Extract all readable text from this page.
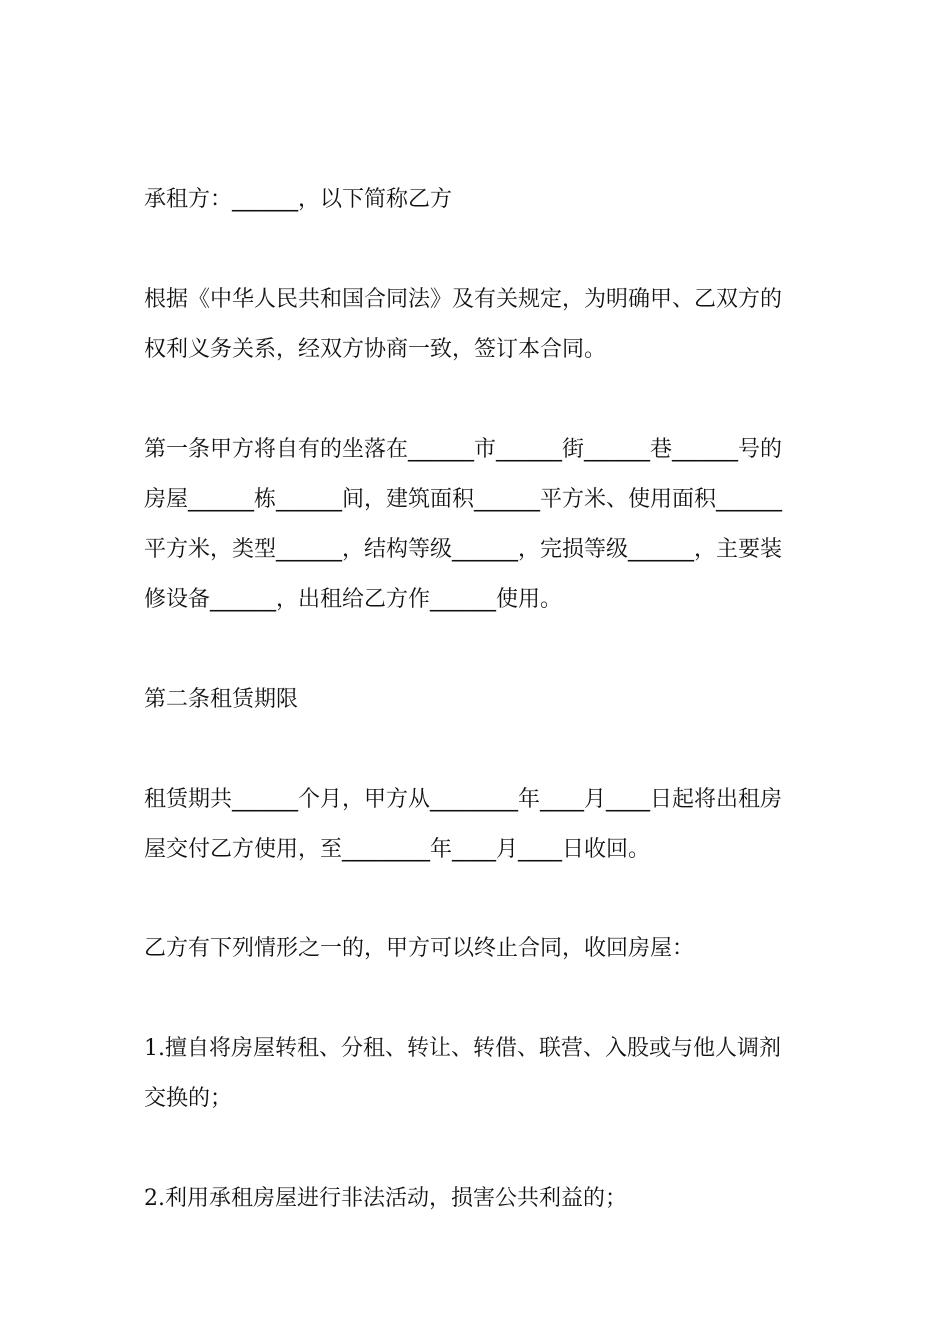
承租方：______，以下简称乙方
根据《中华人民共和国合同法》及有关规定，为明确甲、乙双方的
权利义务关系，经双方协商一致，签订本合同。
第一条甲方将自有的坐落在______市______街______巷______号的
房屋______栋______间，建筑面积______平方米、使用面积______
平方米，类型______，结构等级______，完损等级______，主要装
修设备______，出租给乙方作______使用。
第二条租赁期限
租赁期共______个月，甲方从________年____月____日起将出租房
屋交付乙方使用，至________年____月____日收回。
乙方有下列情形之一的，甲方可以终止合同，收回房屋：
1.擅自将房屋转租、分租、转让、转借、联营、入股或与他人调剂
交换的；
2.利用承租房屋进行非法活动，损害公共利益的；
